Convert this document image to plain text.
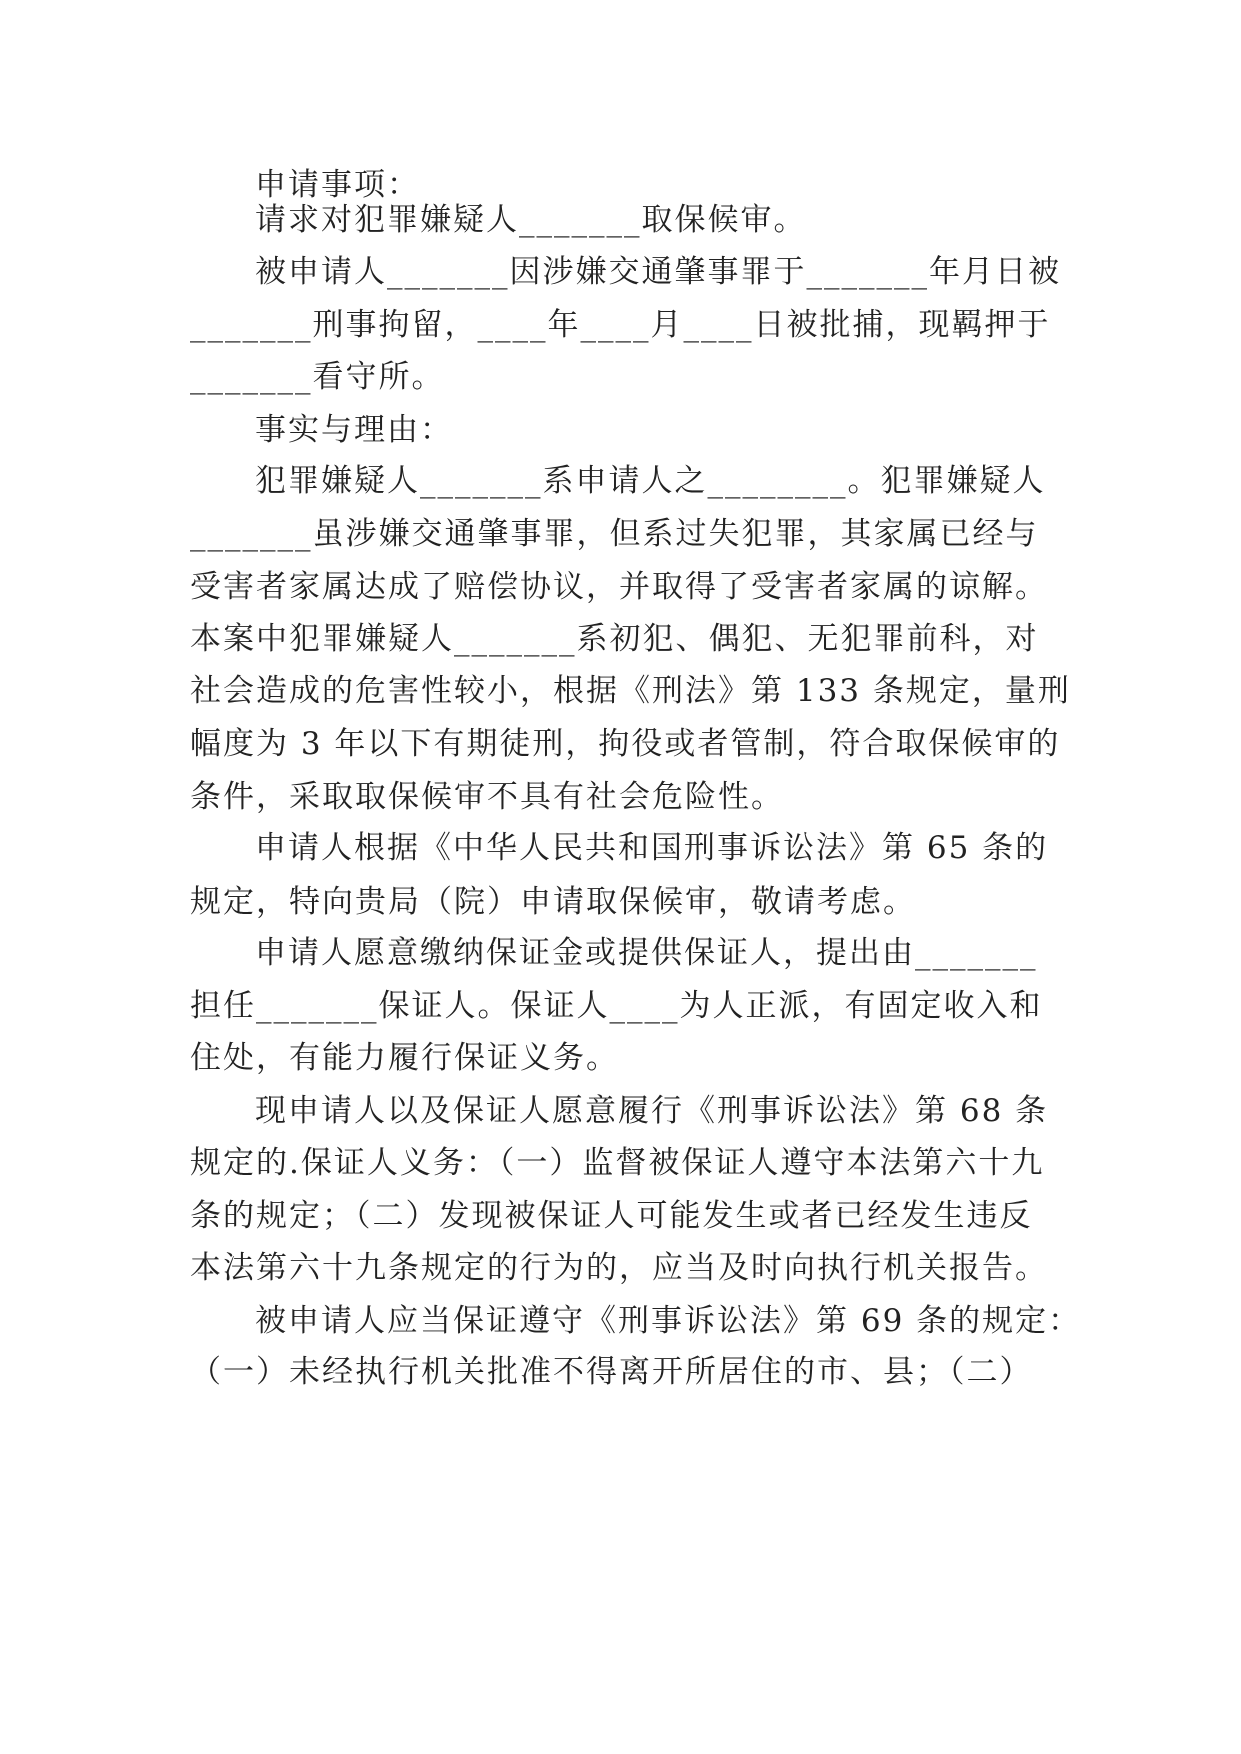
申请事项：
请求对犯罪嫌疑人_______取保候审。
被申请人_______因涉嫌交通肇事罪于_______年月日被
_______刑事拘留，____年____月____日被批捕，现羁押于
_______看守所。
事实与理由：
犯罪嫌疑人_______系申请人之________。犯罪嫌疑人
_______虽涉嫌交通肇事罪，但系过失犯罪，其家属已经与
受害者家属达成了赔偿协议，并取得了受害者家属的谅解。
本案中犯罪嫌疑人_______系初犯、偶犯、无犯罪前科，对
社会造成的危害性较小，根据《刑法》第 133 条规定，量刑
幅度为 3 年以下有期徒刑，拘役或者管制，符合取保候审的
条件，采取取保候审不具有社会危险性。
申请人根据《中华人民共和国刑事诉讼法》第 65 条的
规定，特向贵局（院）申请取保候审，敬请考虑。
申请人愿意缴纳保证金或提供保证人，提出由_______
担任_______保证人。保证人____为人正派，有固定收入和
住处，有能力履行保证义务。
现申请人以及保证人愿意履行《刑事诉讼法》第 68 条
规定的.保证人义务：（一）监督被保证人遵守本法第六十九
条的规定；（二）发现被保证人可能发生或者已经发生违反
本法第六十九条规定的行为的，应当及时向执行机关报告。
被申请人应当保证遵守《刑事诉讼法》第 69 条的规定：
（一）未经执行机关批准不得离开所居住的市、县；（二）
